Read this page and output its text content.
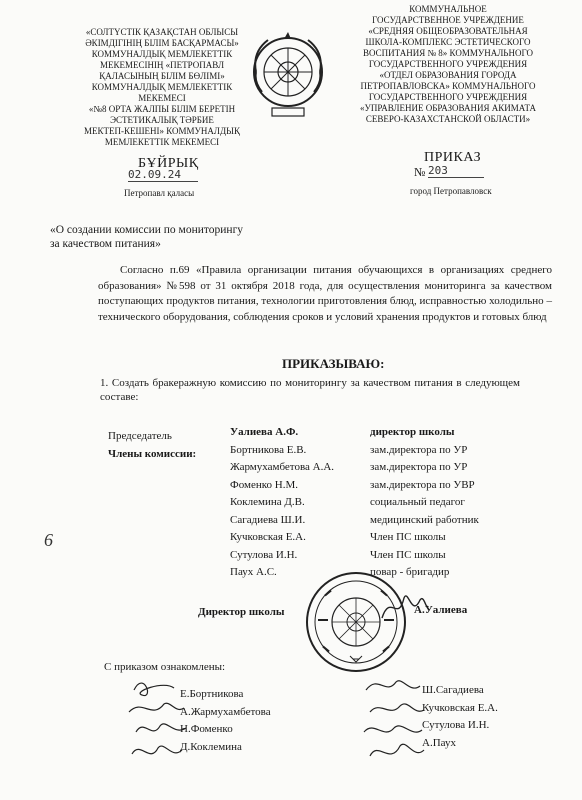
«СОЛТҮСТІК ҚАЗАҚСТАН ОБЛЫСЫ
ӘКІМДІГІНІҢ БІЛІМ БАСҚАРМАСЫ»
КОММУНАЛДЫҚ МЕМЛЕКЕТТІК
МЕКЕМЕСІНІҢ «ПЕТРОПАВЛ
ҚАЛАСЫНЫҢ БІЛІМ БӨЛІМІ»
КОММУНАЛДЫҚ МЕМЛЕКЕТТІК
МЕКЕМЕСІ
«№8 ОРТА ЖАЛПЫ БІЛІМ БЕРЕТІН
ЭСТЕТИКАЛЫҚ ТӘРБИЕ
МЕКТЕП-КЕШЕНІ» КОММУНАЛДЫҚ
МЕМЛЕКЕТТІК МЕКЕМЕСІ
КОММУНАЛЬНОЕ
ГОСУДАРСТВЕННОЕ УЧРЕЖДЕНИЕ
«СРЕДНЯЯ ОБЩЕОБРАЗОВАТЕЛЬНАЯ
ШКОЛА-КОМПЛЕКС ЭСТЕТИЧЕСКОГО
ВОСПИТАНИЯ № 8» КОММУНАЛЬНОГО
ГОСУДАРСТВЕННОГО УЧРЕЖДЕНИЯ
«ОТДЕЛ ОБРАЗОВАНИЯ ГОРОДА
ПЕТРОПАВЛОВСКА» КОММУНАЛЬНОГО
ГОСУДАРСТВЕННОГО УЧРЕЖДЕНИЯ
«УПРАВЛЕНИЕ ОБРАЗОВАНИЯ АКИМАТА
СЕВЕРО-КАЗАХСТАНСКОЙ ОБЛАСТИ»
БҰЙРЫҚ
02.09.24
Петропавл қаласы
ПРИКАЗ
№ 203
город Петропавловск
«О создании комиссии по мониторингу
за качеством питания»
Согласно п.69 «Правила организации питания обучающихся в организациях среднего образования» №598 от 31 октября 2018 года, для осуществления мониторинга за качеством поступающих продуктов питания, технологии приготовления блюд, исправностью холодильно – технического оборудования, соблюдения сроков и условий хранения продуктов и готовых блюд
ПРИКАЗЫВАЮ:
1. Создать бракеражную комиссию по мониторингу за качеством питания в следующем составе:
Председатель
Члены комиссии:
Уалиева А.Ф.
Бортникова Е.В.
Жармухамбетова А.А.
Фоменко Н.М.
Коклемина Д.В.
Сагадиева Ш.И.
Кучковская Е.А.
Сутулова И.Н.
Паух А.С.
директор школы
зам.директора по УР
зам.директора по УР
зам.директора по УВР
социальный педагог
медицинский работник
Член ПС школы
Член ПС школы
повар - бригадир
6
Директор школы	А.Уалиева
С приказом ознакомлены:
Е.Бортникова
А.Жармухамбетова
Н.Фоменко
Д.Коклемина
Ш.Сагадиева
Кучковская Е.А.
Сутулова И.Н.
А.Паух
